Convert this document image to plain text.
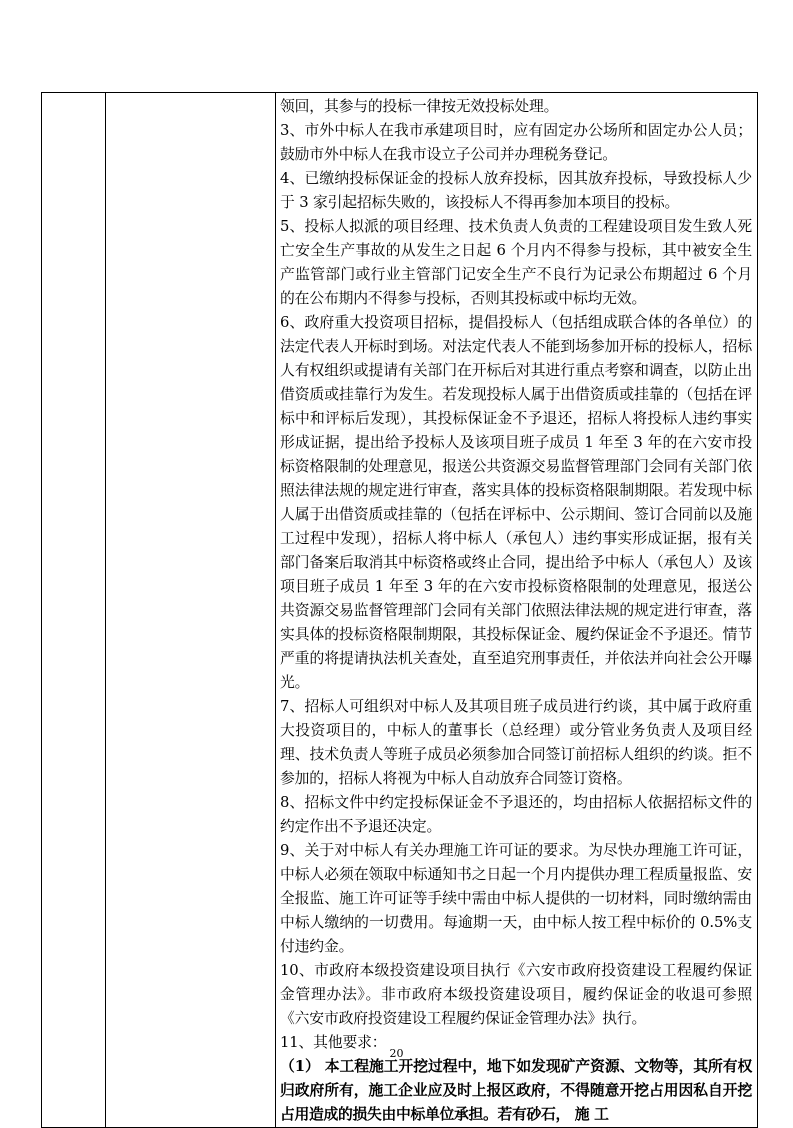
领回，其参与的投标一律按无效投标处理。

3、市外中标人在我市承建项目时，应有固定办公场所和固定办公人员；鼓励市外中标人在我市设立子公司并办理税务登记。

4、已缴纳投标保证金的投标人放弃投标，因其放弃投标，导致投标人少于 3 家引起招标失败的，该投标人不得再参加本项目的投标。

5、投标人拟派的项目经理、技术负责人负责的工程建设项目发生致人死亡安全生产事故的从发生之日起 6 个月内不得参与投标，其中被安全生产监管部门或行业主管部门记安全生产不良行为记录公布期超过 6 个月的在公布期内不得参与投标，否则其投标或中标均无效。

6、政府重大投资项目招标，提倡投标人（包括组成联合体的各单位）的法定代表人开标时到场。对法定代表人不能到场参加开标的投标人，招标人有权组织或提请有关部门在开标后对其进行重点考察和调查，以防止出借资质或挂靠行为发生。若发现投标人属于出借资质或挂靠的（包括在评标中和评标后发现），其投标保证金不予退还，招标人将投标人违约事实形成证据，提出给予投标人及该项目班子成员 1 年至 3 年的在六安市投标资格限制的处理意见，报送公共资源交易监督管理部门会同有关部门依照法律法规的规定进行审查，落实具体的投标资格限制期限。若发现中标人属于出借资质或挂靠的（包括在评标中、公示期间、签订合同前以及施工过程中发现），招标人将中标人（承包人）违约事实形成证据，报有关部门备案后取消其中标资格或终止合同，提出给予中标人（承包人）及该项目班子成员 1 年至 3 年的在六安市投标资格限制的处理意见，报送公共资源交易监督管理部门会同有关部门依照法律法规的规定进行审查，落实具体的投标资格限制期限，其投标保证金、履约保证金不予退还。情节严重的将提请执法机关查处，直至追究刑事责任，并依法并向社会公开曝光。

7、招标人可组织对中标人及其项目班子成员进行约谈，其中属于政府重大投资项目的，中标人的董事长（总经理）或分管业务负责人及项目经理、技术负责人等班子成员必须参加合同签订前招标人组织的约谈。拒不参加的，招标人将视为中标人自动放弃合同签订资格。

8、招标文件中约定投标保证金不予退还的，均由招标人依据招标文件的约定作出不予退还决定。

9、关于对中标人有关办理施工许可证的要求。为尽快办理施工许可证，中标人必须在领取中标通知书之日起一个月内提供办理工程质量报监、安全报监、施工许可证等手续中需由中标人提供的一切材料，同时缴纳需由中标人缴纳的一切费用。每逾期一天，由中标人按工程中标价的 0.5%支付违约金。

10、市政府本级投资建设项目执行《六安市政府投资建设工程履约保证金管理办法》。非市政府本级投资建设项目，履约保证金的收退可参照《六安市政府投资建设工程履约保证金管理办法》执行。

11、其他要求：

（1） 本工程施工开挖过程中，地下如发现矿产资源、文物等，其所有权归政府所有，施工企业应及时上报区政府，不得随意开挖占用因私自开挖占用造成的损失由中标单位承担。若有砂石， 施 工

20
